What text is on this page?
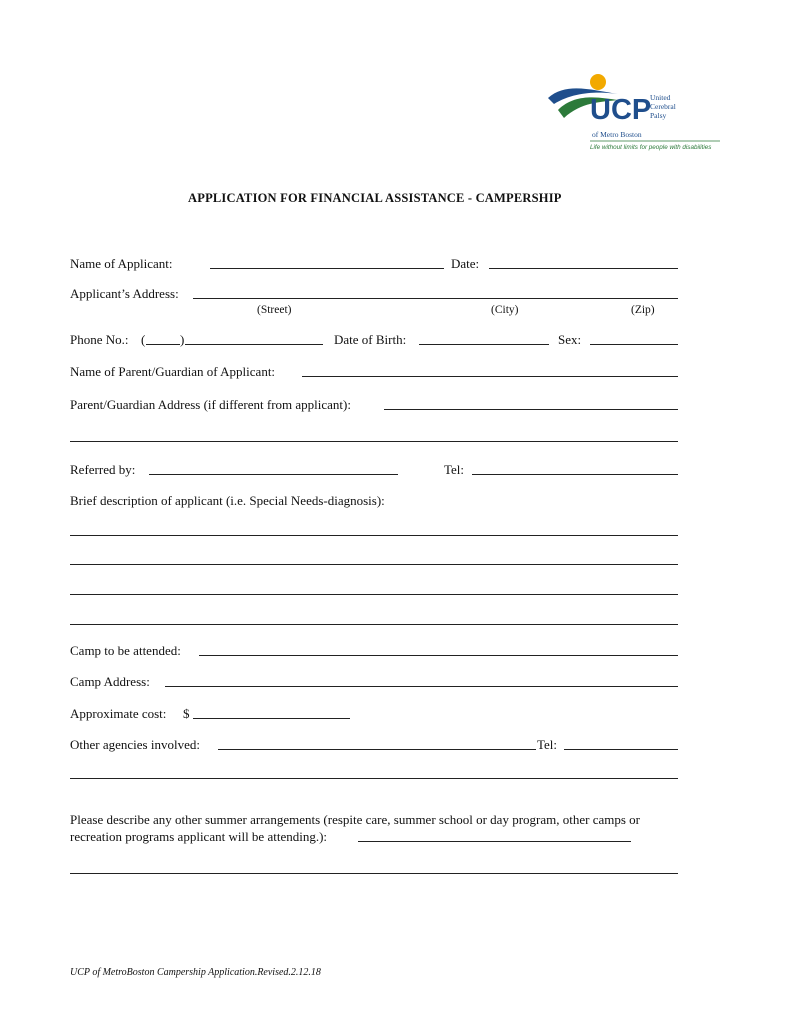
UCP
United
Cerebral
Palsy
of Metro Boston
Life without limits for people with disabilities
APPLICATION FOR FINANCIAL ASSISTANCE - CAMPERSHIP
Name of Applicant:	Date:
Applicant’s Address:
(Street)	(City)	(Zip)
Phone No.: (	)	Date of Birth:	Sex:
Name of Parent/Guardian of Applicant:
Parent/Guardian Address (if different from applicant):
Referred by:	Tel:
Brief description of applicant (i.e. Special Needs-diagnosis):
Camp to be attended:
Camp Address:
Approximate cost: $
Other agencies involved:	Tel:
Please describe any other summer arrangements (respite care, summer school or day program, other camps or
recreation programs applicant will be attending.):
UCP of MetroBoston Campership Application.Revised.2.12.18
